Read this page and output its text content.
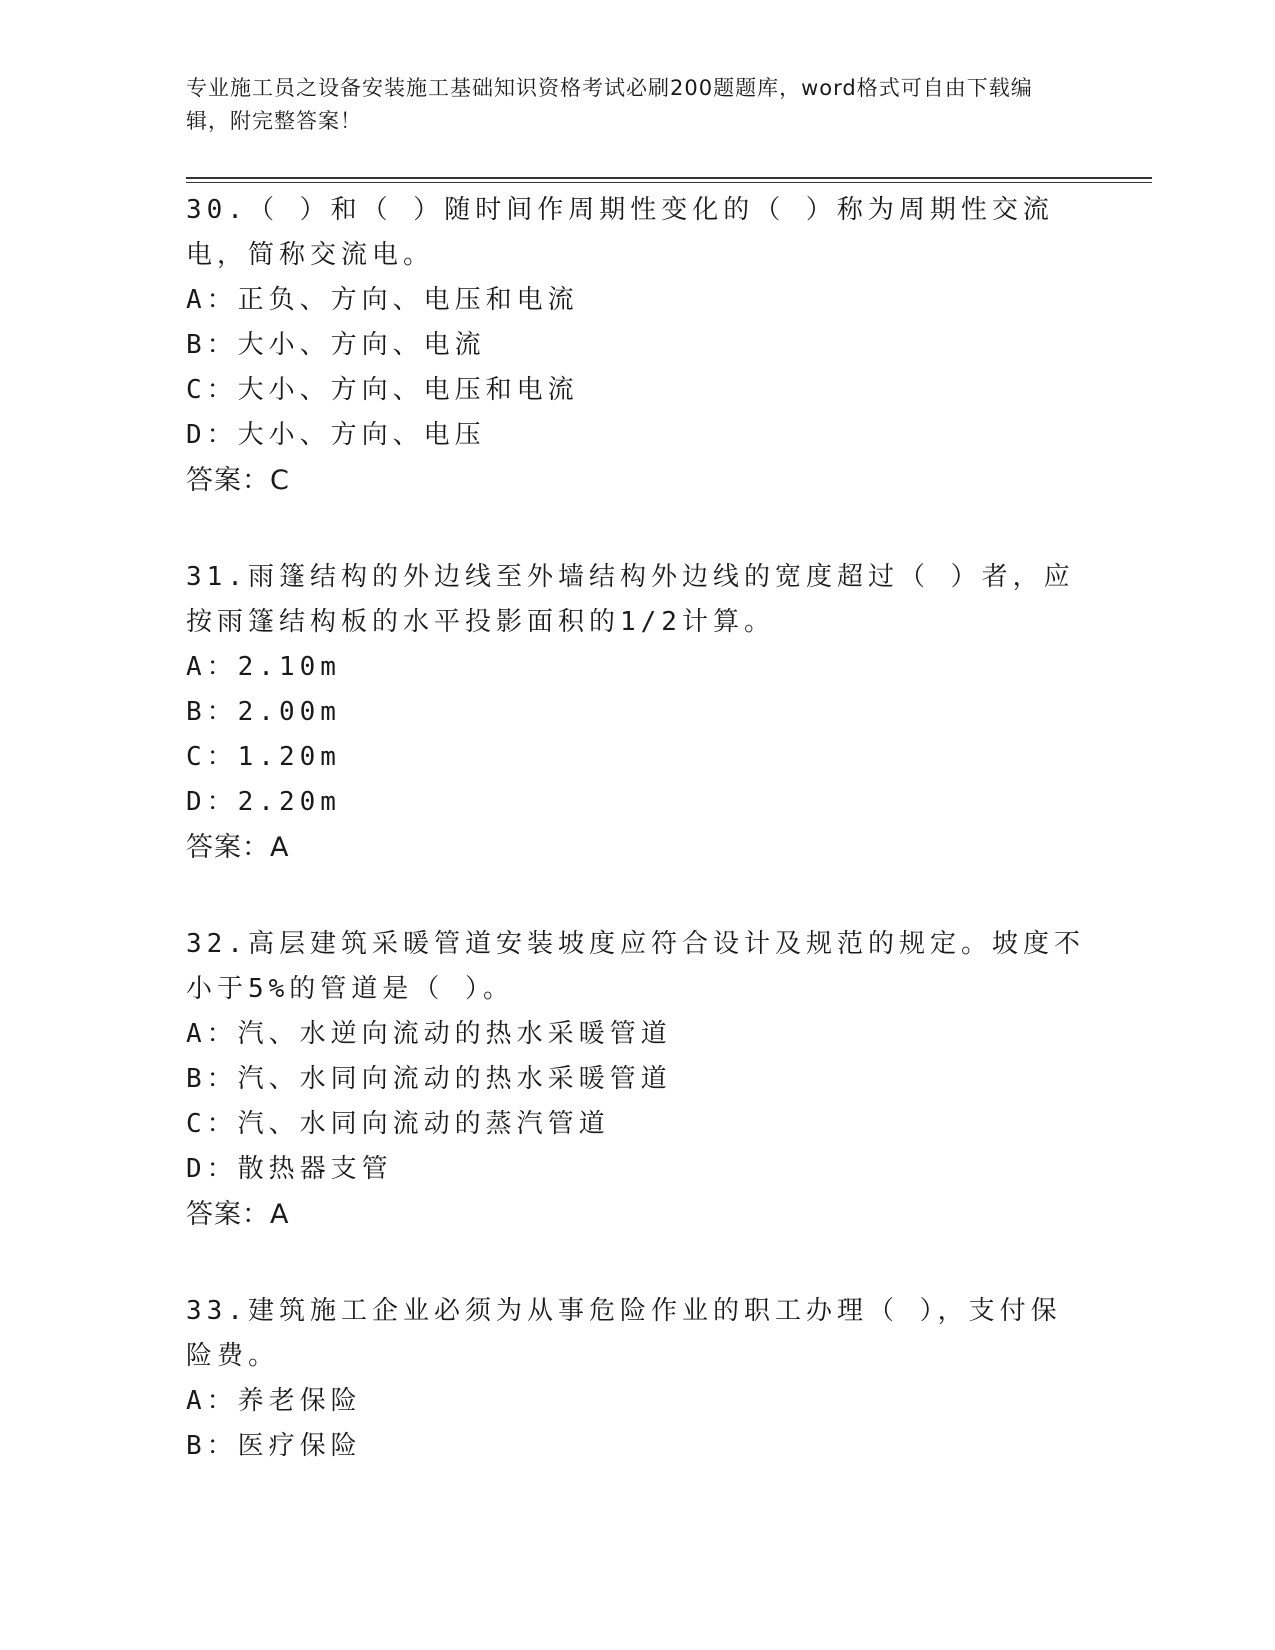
专业施工员之设备安装施工基础知识资格考试必刷200题题库，word格式可自由下载编辑，附完整答案！

30.（ ）和（ ）随时间作周期性变化的（ ）称为周期性交流电，简称交流电。

A：正负、方向、电压和电流

B：大小、方向、电流

C：大小、方向、电压和电流

D：大小、方向、电压

答案：C

31.雨篷结构的外边线至外墙结构外边线的宽度超过（ ）者，应按雨篷结构板的水平投影面积的1/2计算。

A：2.10m

B：2.00m

C：1.20m

D：2.20m

答案：A

32.高层建筑采暖管道安装坡度应符合设计及规范的规定。坡度不小于5%的管道是（ ）。

A：汽、水逆向流动的热水采暖管道

B：汽、水同向流动的热水采暖管道

C：汽、水同向流动的蒸汽管道

D：散热器支管

答案：A

33.建筑施工企业必须为从事危险作业的职工办理（ ），支付保险费。

A：养老保险

B：医疗保险
